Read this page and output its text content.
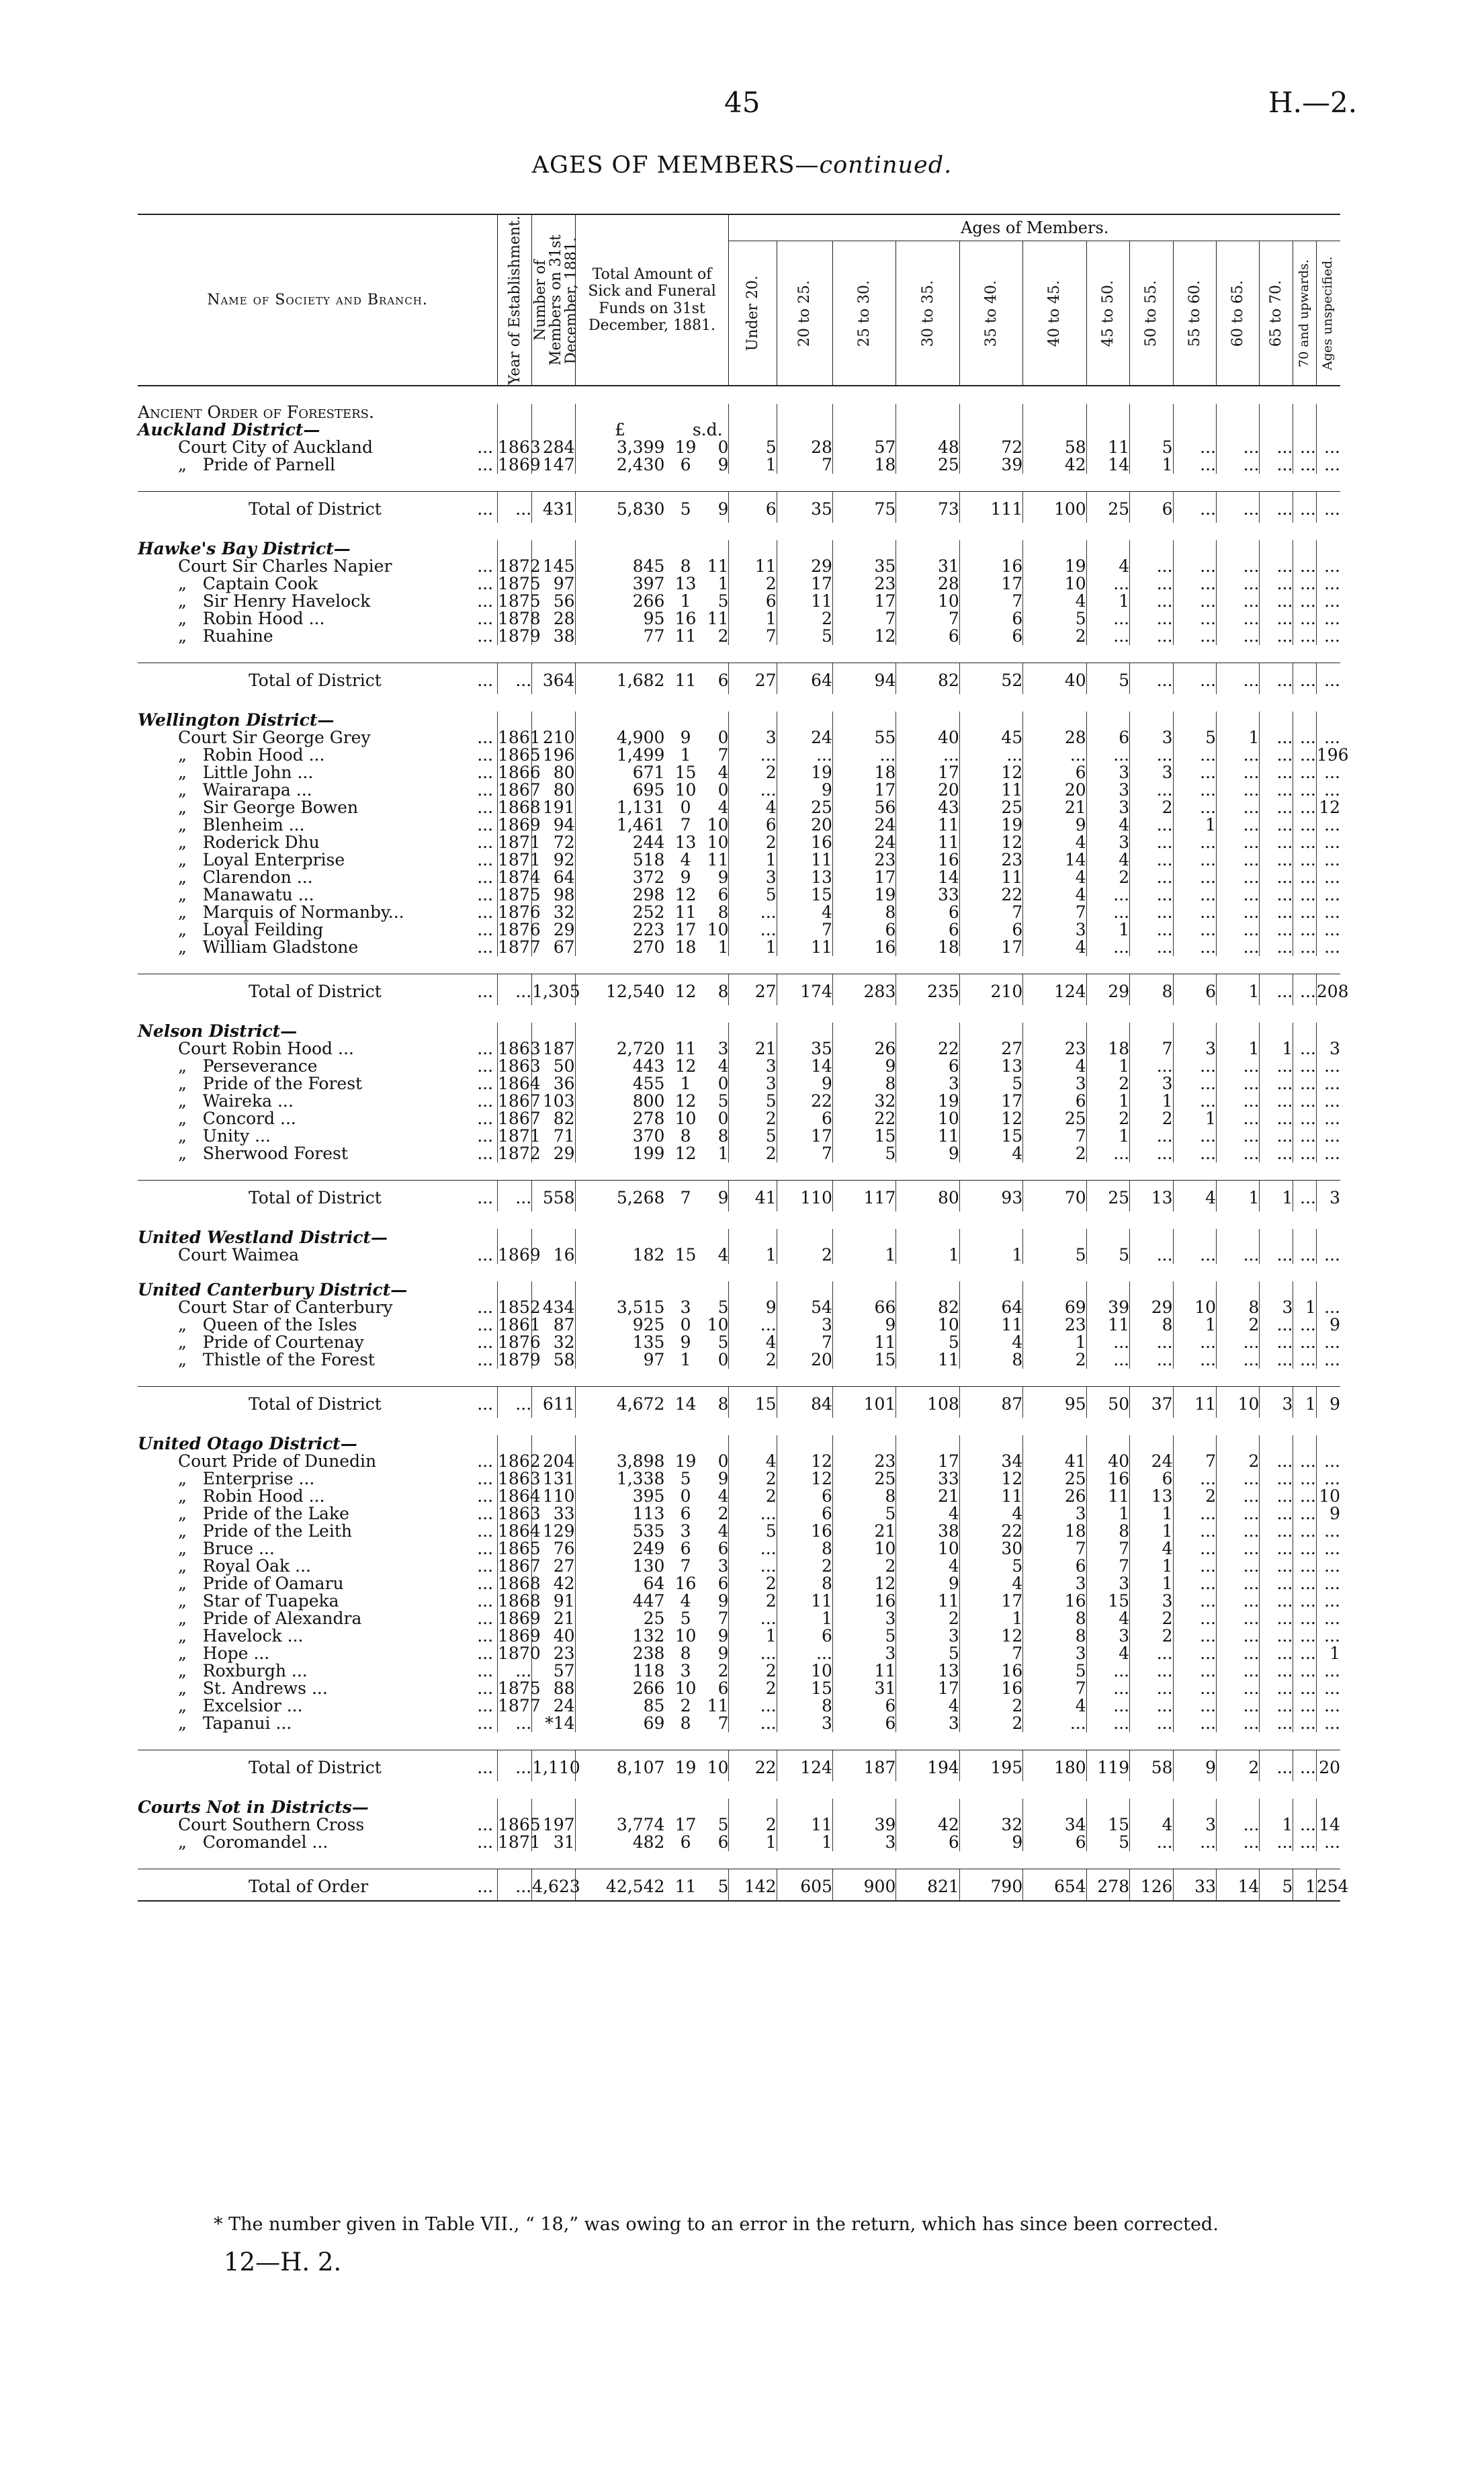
45	H.—2.
AGES OF MEMBERS—continued.
Name of Society and Branch.	Year of Establishment.	Number of Members on 31st December, 1881.	Total Amount of Sick and Funeral Funds on 31st December, 1881.			Ages of Members.												

						Under 20.	20 to 25.	25 to 30.	30 to 35.	35 to 40.	40 to 45.	45 to 50.	50 to 55.	55 to 60.	60 to 65.	65 to 70.	70 and upwards.	Ages unspecified.

Ancient Order of Foresters.																		
Auckland District—			£	s.	d.													
Court City of Auckland ...	1863	284	3,399	19	0	5	28	57	48	72	58	11	5	...	...	...	...	...
„   Pride of Parnell ...	1869	147	2,430	6	9	1	7	18	25	39	42	14	1	...	...	...	...	...

Total of District ...	...	431	5,830	5	9	6	35	75	73	111	100	25	6	...	...	...	...	...

Hawke's Bay District—																		
Court Sir Charles Napier ...	1872	145	845	8	11	11	29	35	31	16	19	4	...	...	...	...	...	...
„   Captain Cook ...	1875	97	397	13	1	2	17	23	28	17	10	...	...	...	...	...	...	...
„   Sir Henry Havelock ...	1875	56	266	1	5	6	11	17	10	7	4	1	...	...	...	...	...	...
„   Robin Hood ... ...	1878	28	95	16	11	1	2	7	7	6	5	...	...	...	...	...	...	...
„   Ruahine ...	1879	38	77	11	2	7	5	12	6	6	2	...	...	...	...	...	...	...

Total of District ...	...	364	1,682	11	6	27	64	94	82	52	40	5	...	...	...	...	...	...

Wellington District—																		
Court Sir George Grey ...	1861	210	4,900	9	0	3	24	55	40	45	28	6	3	5	1	...	...	...
„   Robin Hood ... ...	1865	196	1,499	1	7	...	...	...	...	...	...	...	...	...	...	...	...	196
„   Little John ... ...	1866	80	671	15	4	2	19	18	17	12	6	3	3	...	...	...	...	...
„   Wairarapa ... ...	1867	80	695	10	0	...	9	17	20	11	20	3	...	...	...	...	...	...
„   Sir George Bowen ...	1868	191	1,131	0	4	4	25	56	43	25	21	3	2	...	...	...	...	12
„   Blenheim ... ...	1869	94	1,461	7	10	6	20	24	11	19	9	4	...	1	...	...	...	...
„   Roderick Dhu ...	1871	72	244	13	10	2	16	24	11	12	4	3	...	...	...	...	...	...
„   Loyal Enterprise ...	1871	92	518	4	11	1	11	23	16	23	14	4	...	...	...	...	...	...
„   Clarendon ... ...	1874	64	372	9	9	3	13	17	14	11	4	2	...	...	...	...	...	...
„   Manawatu ... ...	1875	98	298	12	6	5	15	19	33	22	4	...	...	...	...	...	...	...
„   Marquis of Normanby... ...	1876	32	252	11	8	...	4	8	6	7	7	...	...	...	...	...	...	...
„   Loyal Feilding ...	1876	29	223	17	10	...	7	6	6	6	3	1	...	...	...	...	...	...
„   William Gladstone ...	1877	67	270	18	1	1	11	16	18	17	4	...	...	...	...	...	...	...

Total of District ...	...	1,305	12,540	12	8	27	174	283	235	210	124	29	8	6	1	...	...	208

Nelson District—																		
Court Robin Hood ... ...	1863	187	2,720	11	3	21	35	26	22	27	23	18	7	3	1	1	...	3
„   Perseverance ...	1863	50	443	12	4	3	14	9	6	13	4	1	...	...	...	...	...	...
„   Pride of the Forest ...	1864	36	455	1	0	3	9	8	3	5	3	2	3	...	...	...	...	...
„   Waireka ... ...	1867	103	800	12	5	5	22	32	19	17	6	1	1	...	...	...	...	...
„   Concord ... ...	1867	82	278	10	0	2	6	22	10	12	25	2	2	1	...	...	...	...
„   Unity ... ...	1871	71	370	8	8	5	17	15	11	15	7	1	...	...	...	...	...	...
„   Sherwood Forest ...	1872	29	199	12	1	2	7	5	9	4	2	...	...	...	...	...	...	...

Total of District ...	...	558	5,268	7	9	41	110	117	80	93	70	25	13	4	1	1	...	3

United Westland District—																		
Court Waimea ...	1869	16	182	15	4	1	2	1	1	1	5	5	...	...	...	...	...	...

United Canterbury District—																		
Court Star of Canterbury ...	1852	434	3,515	3	5	9	54	66	82	64	69	39	29	10	8	3	1	...
„   Queen of the Isles ...	1861	87	925	0	10	...	3	9	10	11	23	11	8	1	2	...	...	9
„   Pride of Courtenay ...	1876	32	135	9	5	4	7	11	5	4	1	...	...	...	...	...	...	...
„   Thistle of the Forest ...	1879	58	97	1	0	2	20	15	11	8	2	...	...	...	...	...	...	...

Total of District ...	...	611	4,672	14	8	15	84	101	108	87	95	50	37	11	10	3	1	9

United Otago District—																		
Court Pride of Dunedin ...	1862	204	3,898	19	0	4	12	23	17	34	41	40	24	7	2	...	...	...
„   Enterprise ... ...	1863	131	1,338	5	9	2	12	25	33	12	25	16	6	...	...	...	...	...
„   Robin Hood ... ...	1864	110	395	0	4	2	6	8	21	11	26	11	13	2	...	...	...	10
„   Pride of the Lake ...	1863	33	113	6	2	...	6	5	4	4	3	1	1	...	...	...	...	9
„   Pride of the Leith ...	1864	129	535	3	4	5	16	21	38	22	18	8	1	...	...	...	...	...
„   Bruce ... ...	1865	76	249	6	6	...	8	10	10	30	7	7	4	...	...	...	...	...
„   Royal Oak ... ...	1867	27	130	7	3	...	2	2	4	5	6	7	1	...	...	...	...	...
„   Pride of Oamaru ...	1868	42	64	16	6	2	8	12	9	4	3	3	1	...	...	...	...	...
„   Star of Tuapeka ...	1868	91	447	4	9	2	11	16	11	17	16	15	3	...	...	...	...	...
„   Pride of Alexandra ...	1869	21	25	5	7	...	1	3	2	1	8	4	2	...	...	...	...	...
„   Havelock ... ...	1869	40	132	10	9	1	6	5	3	12	8	3	2	...	...	...	...	...
„   Hope ... ...	1870	23	238	8	9	...	...	3	5	7	3	4	...	...	...	...	...	1
„   Roxburgh ... ...	...	57	118	3	2	2	10	11	13	16	5	...	...	...	...	...	...	...
„   St. Andrews ... ...	1875	88	266	10	6	2	15	31	17	16	7	...	...	...	...	...	...	...
„   Excelsior ... ...	1877	24	85	2	11	...	8	6	4	2	4	...	...	...	...	...	...	...
„   Tapanui ... ...	...	*14	69	8	7	...	3	6	3	2	...	...	...	...	...	...	...	...

Total of District ...	...	1,110	8,107	19	10	22	124	187	194	195	180	119	58	9	2	...	...	20

Courts Not in Districts—																		
Court Southern Cross ...	1865	197	3,774	17	5	2	11	39	42	32	34	15	4	3	...	1	...	14
„   Coromandel ... ...	1871	31	482	6	6	1	1	3	6	9	6	5	...	...	...	...	...	...

Total of Order ...	...	4,623	42,542	11	5	142	605	900	821	790	654	278	126	33	14	5	1	254
* The number given in Table VII., “ 18,” was owing to an error in the return, which has since been corrected.
12—H. 2.
